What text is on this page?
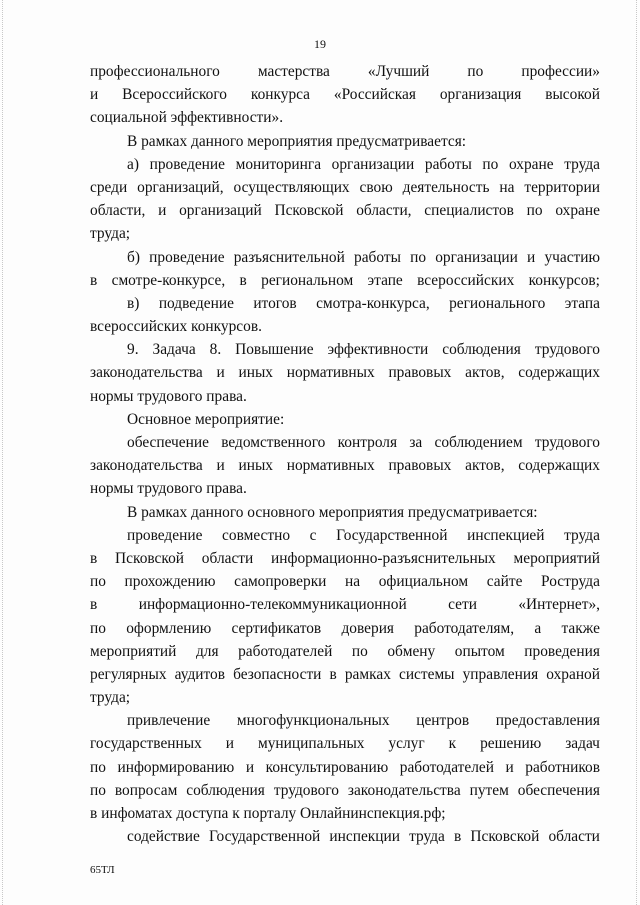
19
профессионального мастерства «Лучший по профессии»
и Всероссийского конкурса «Российская организация высокой
социальной эффективности».
В рамках данного мероприятия предусматривается:
а) проведение мониторинга организации работы по охране труда
среди организаций, осуществляющих свою деятельность на территории
области, и организаций Псковской области, специалистов по охране
труда;
б) проведение разъяснительной работы по организации и участию
в смотре-конкурсе, в региональном этапе всероссийских конкурсов;
в) подведение итогов смотра-конкурса, регионального этапа
всероссийских конкурсов.
9. Задача 8. Повышение эффективности соблюдения трудового
законодательства и иных нормативных правовых актов, содержащих
нормы трудового права.
Основное мероприятие:
обеспечение ведомственного контроля за соблюдением трудового
законодательства и иных нормативных правовых актов, содержащих
нормы трудового права.
В рамках данного основного мероприятия предусматривается:
проведение совместно с Государственной инспекцией труда
в Псковской области информационно-разъяснительных мероприятий
по прохождению самопроверки на официальном сайте Роструда
в	информационно-телекоммуникационной	сети	«Интернет»,
по оформлению сертификатов доверия работодателям, а также
мероприятий для работодателей по обмену опытом проведения
регулярных аудитов безопасности в рамках системы управления охраной
труда;
привлечение многофункциональных центров предоставления
государственных и муниципальных услуг к решению задач
по информированию и консультированию работодателей и работников
по вопросам соблюдения трудового законодательства путем обеспечения
в инфоматах доступа к порталу Онлайнинспекция.рф;
содействие Государственной инспекции труда в Псковской области
65ТЛ
